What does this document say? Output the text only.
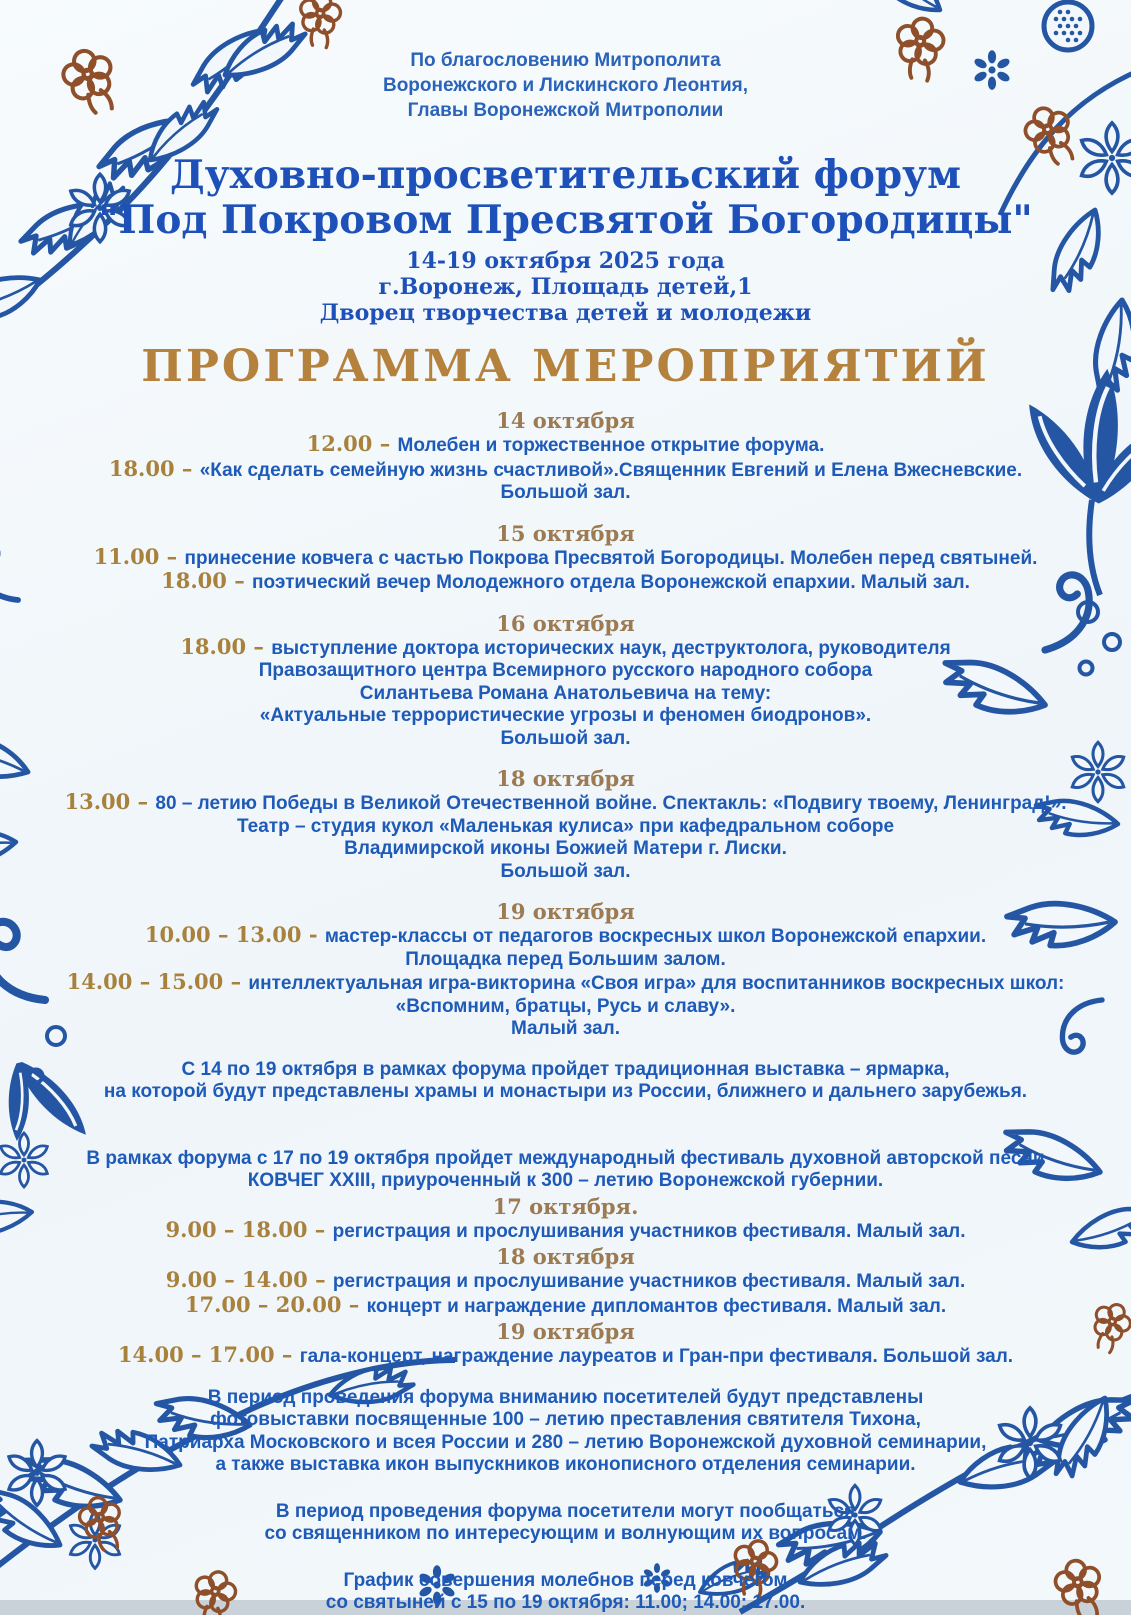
По благословению Митрополита
Воронежского и Лискинского Леонтия,
Главы Воронежской Митрополии
Духовно-просветительский форум
"Под Покровом Пресвятой Богородицы"
14-19 октября 2025 года
г.Воронеж, Площадь детей,1
Дворец творчества детей и молодежи
ПРОГРАММА МЕРОПРИЯТИЙ
14 октября
12.00 – Молебен и торжественное открытие форума.
18.00 – «Как сделать семейную жизнь счастливой».Священник Евгений и Елена Вжесневские.
Большой зал.
15 октября
11.00 – принесение ковчега с частью Покрова Пресвятой Богородицы. Молебен перед святыней.
18.00 – поэтический вечер Молодежного отдела Воронежской епархии. Малый зал.
16 октября
18.00 – выступление доктора исторических наук, деструктолога, руководителя
Правозащитного центра Всемирного русского народного собора
Силантьева Романа Анатольевича на тему:
«Актуальные террористические угрозы и феномен биодронов».
Большой зал.
18 октября
13.00 – 80 – летию Победы в Великой Отечественной войне. Спектакль: «Подвигу твоему, Ленинград!».
Театр – студия кукол «Маленькая кулиса» при кафедральном соборе
Владимирской иконы Божией Матери г. Лиски.
Большой зал.
19 октября
10.00 – 13.00 - мастер-классы от педагогов воскресных школ Воронежской епархии.
Площадка перед Большим залом.
14.00 – 15.00 – интеллектуальная игра-викторина «Своя игра» для воспитанников воскресных школ:
«Вспомним, братцы, Русь и славу».
Малый зал.
С 14 по 19 октября в рамках форума пройдет традиционная выставка – ярмарка,
на которой будут представлены храмы и монастыри из России, ближнего и дальнего зарубежья.
В рамках форума с 17 по 19 октября пройдет международный фестиваль духовной авторской песни
КОВЧЕГ XXIII, приуроченный к 300 – летию Воронежской губернии.
17 октября.
9.00 – 18.00 – регистрация и прослушивания участников фестиваля. Малый зал.
18 октября
9.00 – 14.00 – регистрация и прослушивание участников фестиваля. Малый зал.
17.00 – 20.00 – концерт и награждение дипломантов фестиваля. Малый зал.
19 октября
14.00 – 17.00 – гала-концерт, награждение лауреатов и Гран-при фестиваля. Большой зал.
В период проведения форума вниманию посетителей будут представлены
фотовыставки посвященные 100 – летию преставления святителя Тихона,
Патриарха Московского и всея России и 280 – летию Воронежской духовной семинарии,
а также выставка икон выпускников иконописного отделения семинарии.
В период проведения форума посетители могут пообщаться
со священником по интересующим и волнующим их вопросам.
График совершения молебнов перед ковчегом
со святыней с 15 по 19 октября: 11.00; 14.00; 17.00.
